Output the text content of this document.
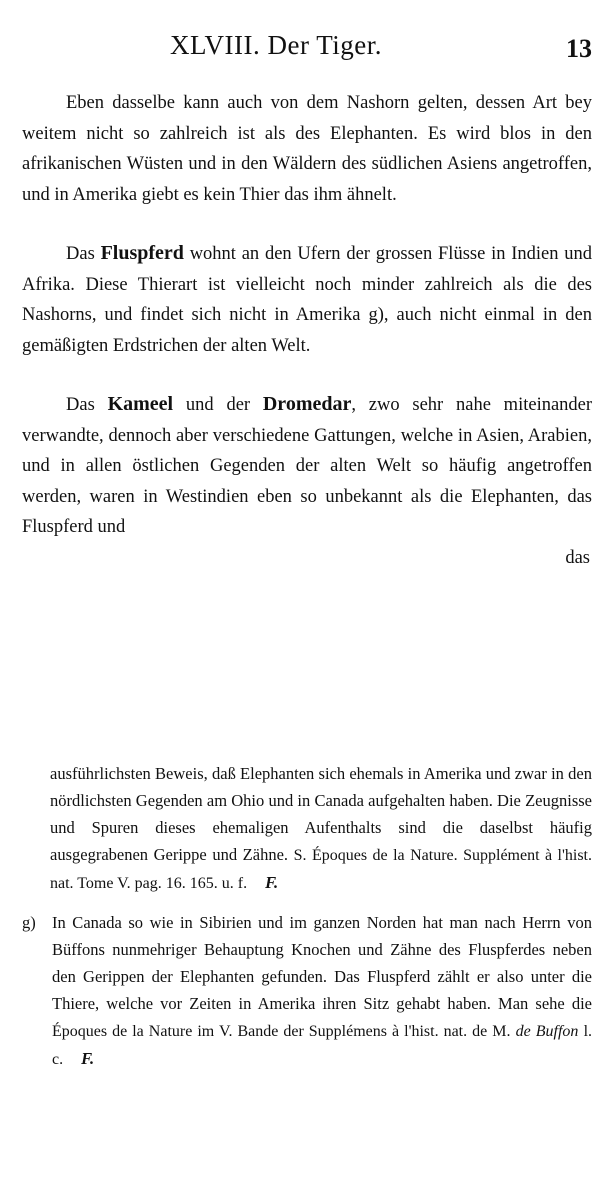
XLVIII. Der Tiger.	13

Eben dasselbe kann auch von dem Nashorn gelten, dessen Art bey weitem nicht so zahlreich ist als des Elephanten. Es wird blos in den afrikanischen Wüsten und in den Wäldern des südlichen Asiens angetroffen, und in Amerika giebt es kein Thier das ihm ähnelt.

Das Fluspferd wohnt an den Ufern der grossen Flüsse in Indien und Afrika. Diese Thierart ist vielleicht noch minder zahlreich als die des Nashorns, und findet sich nicht in Amerika g), auch nicht einmal in den gemäßigten Erdstrichen der alten Welt.

Das Kameel und der Dromedar, zwo sehr nahe miteinander verwandte, dennoch aber verschiedene Gattungen, welche in Asien, Arabien, und in allen östlichen Gegenden der alten Welt so häufig angetroffen werden, waren in Westindien eben so unbekannt als die Elephanten, das Fluspferd und

das

ausführlichsten Beweis, daß Elephanten sich ehemals in Amerika und zwar in den nördlichsten Gegenden am Ohio und in Canada aufgehalten haben. Die Zeugnisse und Spuren dieses ehemaligen Aufenthalts sind die daselbst häufig ausgegrabenen Gerippe und Zähne. S. Époques de la Nature. Supplément à l'hist. nat. Tome V. pag. 16. 165. u. f. F.

g) In Canada so wie in Sibirien und im ganzen Norden hat man nach Herrn von Büffons nunmehriger Behauptung Knochen und Zähne des Fluspferdes neben den Gerippen der Elephanten gefunden. Das Fluspferd zählt er also unter die Thiere, welche vor Zeiten in Amerika ihren Sitz gehabt haben. Man sehe die Époques de la Nature im V. Bande der Supplémens à l'hist. nat. de M. de Buffon l. c. F.
